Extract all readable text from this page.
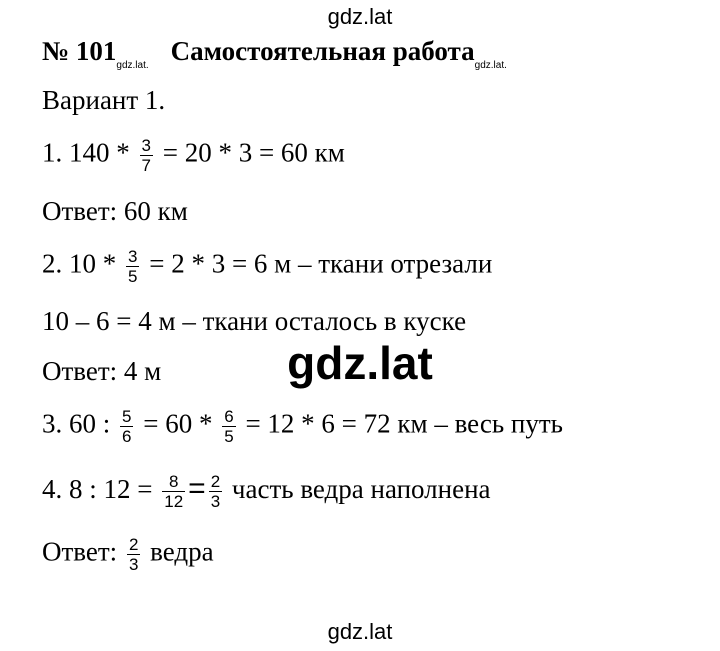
gdz.lat
№ $101_{gdz.lat.}$ Самостоятельная работа$_{gdz.lat.}$
Вариант 1.
1. $140 * \frac{3}{7} = 20 * 3 = 60$ км
Ответ: 60 км
2. $10 * \frac{3}{5} = 2 * 3 = 6$ м – ткани отрезали
10 – 6 = 4 м – ткани осталось в куске
Ответ: 4 м
3. 60 : $\frac{5}{6} = 60 * \frac{6}{5} = 12 * 6 = 72$ км – весь путь
4. 8 : $12 = \frac{8}{12} = \frac{2}{3}$ часть ведра наполнена
Ответ: $\frac{2}{3}$ ведра
gdz.lat
gdz.lat
